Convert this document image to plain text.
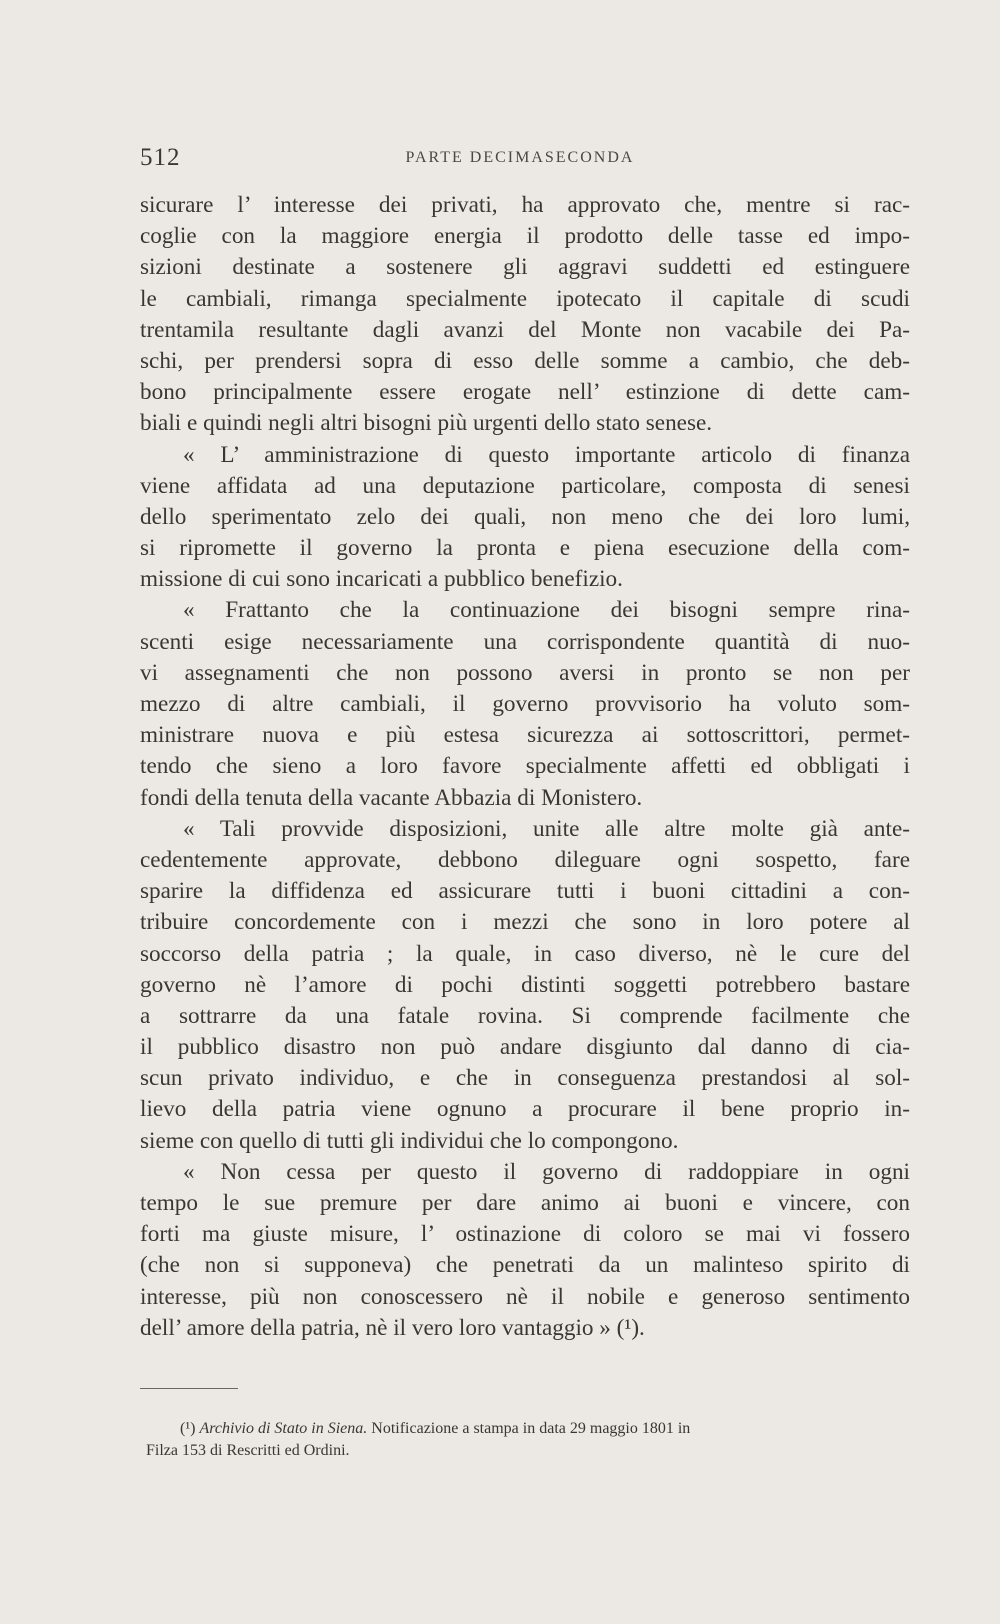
512	PARTE DECIMASECONDA
sicurare l’ interesse dei privati, ha approvato che, mentre si rac-
coglie con la maggiore energia il prodotto delle tasse ed impo-
sizioni destinate a sostenere gli aggravi suddetti ed estinguere
le cambiali, rimanga specialmente ipotecato il capitale di scudi
trentamila resultante dagli avanzi del Monte non vacabile dei Pa-
schi, per prendersi sopra di esso delle somme a cambio, che deb-
bono principalmente essere erogate nell’ estinzione di dette cam-
biali e quindi negli altri bisogni più urgenti dello stato senese.
« L’ amministrazione di questo importante articolo di finanza
viene affidata ad una deputazione particolare, composta di senesi
dello sperimentato zelo dei quali, non meno che dei loro lumi,
si ripromette il governo la pronta e piena esecuzione della com-
missione di cui sono incaricati a pubblico benefizio.
« Frattanto che la continuazione dei bisogni sempre rina-
scenti esige necessariamente una corrispondente quantità di nuo-
vi assegnamenti che non possono aversi in pronto se non per
mezzo di altre cambiali, il governo provvisorio ha voluto som-
ministrare nuova e più estesa sicurezza ai sottoscrittori, permet-
tendo che sieno a loro favore specialmente affetti ed obbligati i
fondi della tenuta della vacante Abbazia di Monistero.
« Tali provvide disposizioni, unite alle altre molte già ante-
cedentemente approvate, debbono dileguare ogni sospetto, fare
sparire la diffidenza ed assicurare tutti i buoni cittadini a con-
tribuire concordemente con i mezzi che sono in loro potere al
soccorso della patria ; la quale, in caso diverso, nè le cure del
governo nè l’amore di pochi distinti soggetti potrebbero bastare
a sottrarre da una fatale rovina. Si comprende facilmente che
il pubblico disastro non può andare disgiunto dal danno di cia-
scun privato individuo, e che in conseguenza prestandosi al sol-
lievo della patria viene ognuno a procurare il bene proprio in-
sieme con quello di tutti gli individui che lo compongono.
« Non cessa per questo il governo di raddoppiare in ogni
tempo le sue premure per dare animo ai buoni e vincere, con
forti ma giuste misure, l’ ostinazione di coloro se mai vi fossero
(che non si supponeva) che penetrati da un malinteso spirito di
interesse, più non conoscessero nè il nobile e generoso sentimento
dell’ amore della patria, nè il vero loro vantaggio » (¹).
(¹) Archivio di Stato in Siena. Notificazione a stampa in data 29 maggio 1801 in
Filza 153 di Rescritti ed Ordini.
